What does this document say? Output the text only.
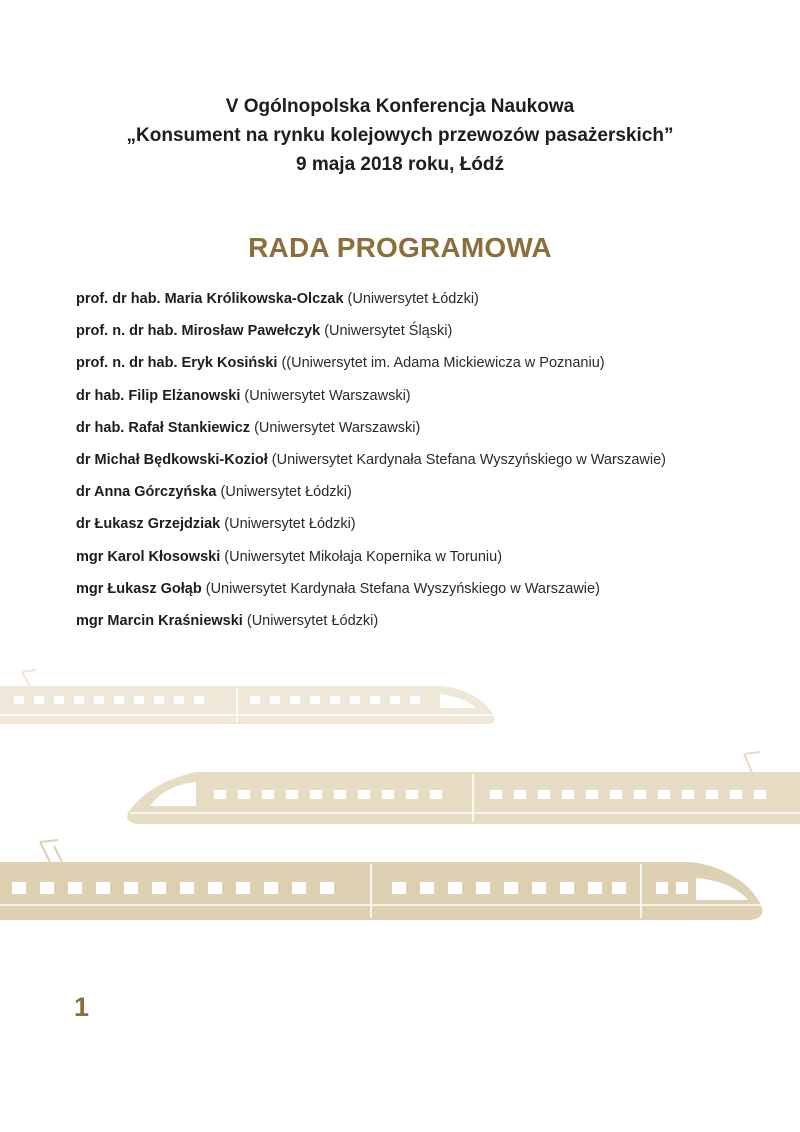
V Ogólnopolska Konferencja Naukowa
„Konsument na rynku kolejowych przewozów pasażerskich”
9 maja 2018 roku, Łódź
RADA PROGRAMOWA
prof. dr hab. Maria Królikowska-Olczak (Uniwersytet Łódzki)
prof. n. dr hab. Mirosław Pawełczyk (Uniwersytet Śląski)
prof. n. dr hab. Eryk Kosiński ((Uniwersytet im. Adama Mickiewicza w Poznaniu)
dr hab. Filip Elżanowski (Uniwersytet Warszawski)
dr hab. Rafał Stankiewicz (Uniwersytet Warszawski)
dr Michał Będkowski-Kozioł (Uniwersytet Kardynała Stefana Wyszyńskiego w Warszawie)
dr Anna Górczyńska (Uniwersytet Łódzki)
dr Łukasz Grzejdziak (Uniwersytet Łódzki)
mgr Karol Kłosowski (Uniwersytet Mikołaja Kopernika w Toruniu)
mgr Łukasz Gołąb (Uniwersytet Kardynała Stefana Wyszyńskiego w Warszawie)
mgr Marcin Kraśniewski (Uniwersytet Łódzki)
1
